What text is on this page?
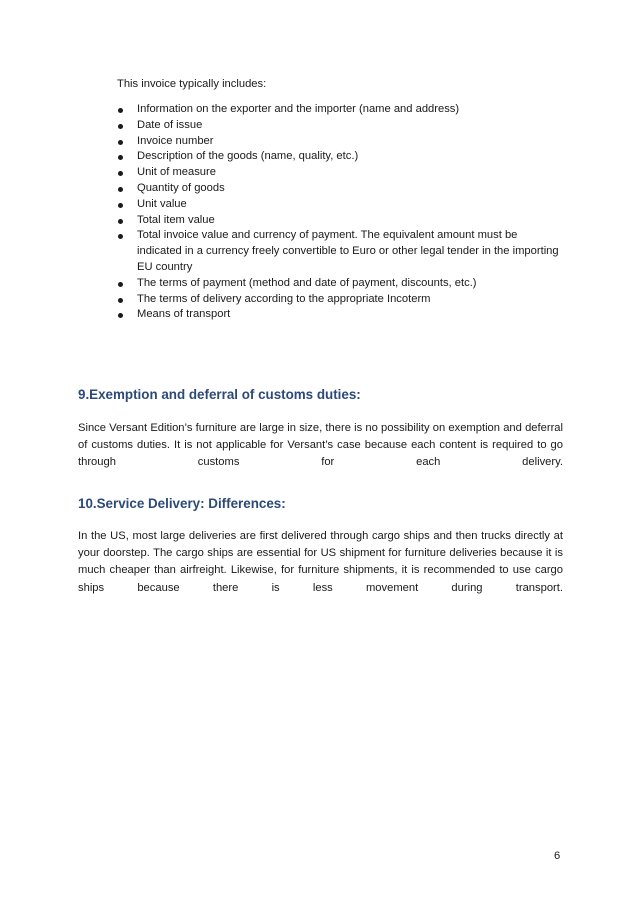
This invoice typically includes:
Information on the exporter and the importer (name and address)
Date of issue
Invoice number
Description of the goods (name, quality, etc.)
Unit of measure
Quantity of goods
Unit value
Total item value
Total invoice value and currency of payment. The equivalent amount must be indicated in a currency freely convertible to Euro or other legal tender in the importing EU country
The terms of payment (method and date of payment, discounts, etc.)
The terms of delivery according to the appropriate Incoterm
Means of transport
9.Exemption and deferral of customs duties:
Since Versant Edition’s furniture are large in size, there is no possibility on exemption and deferral of customs duties. It is not applicable for Versant’s case because each content is required to go through customs for each delivery.
10.Service Delivery: Differences:
In the US, most large deliveries are first delivered through cargo ships and then trucks directly at your doorstep. The cargo ships are essential for US shipment for furniture deliveries because it is much cheaper than airfreight. Likewise, for furniture shipments, it is recommended to use cargo ships because there is less movement during transport.
6
